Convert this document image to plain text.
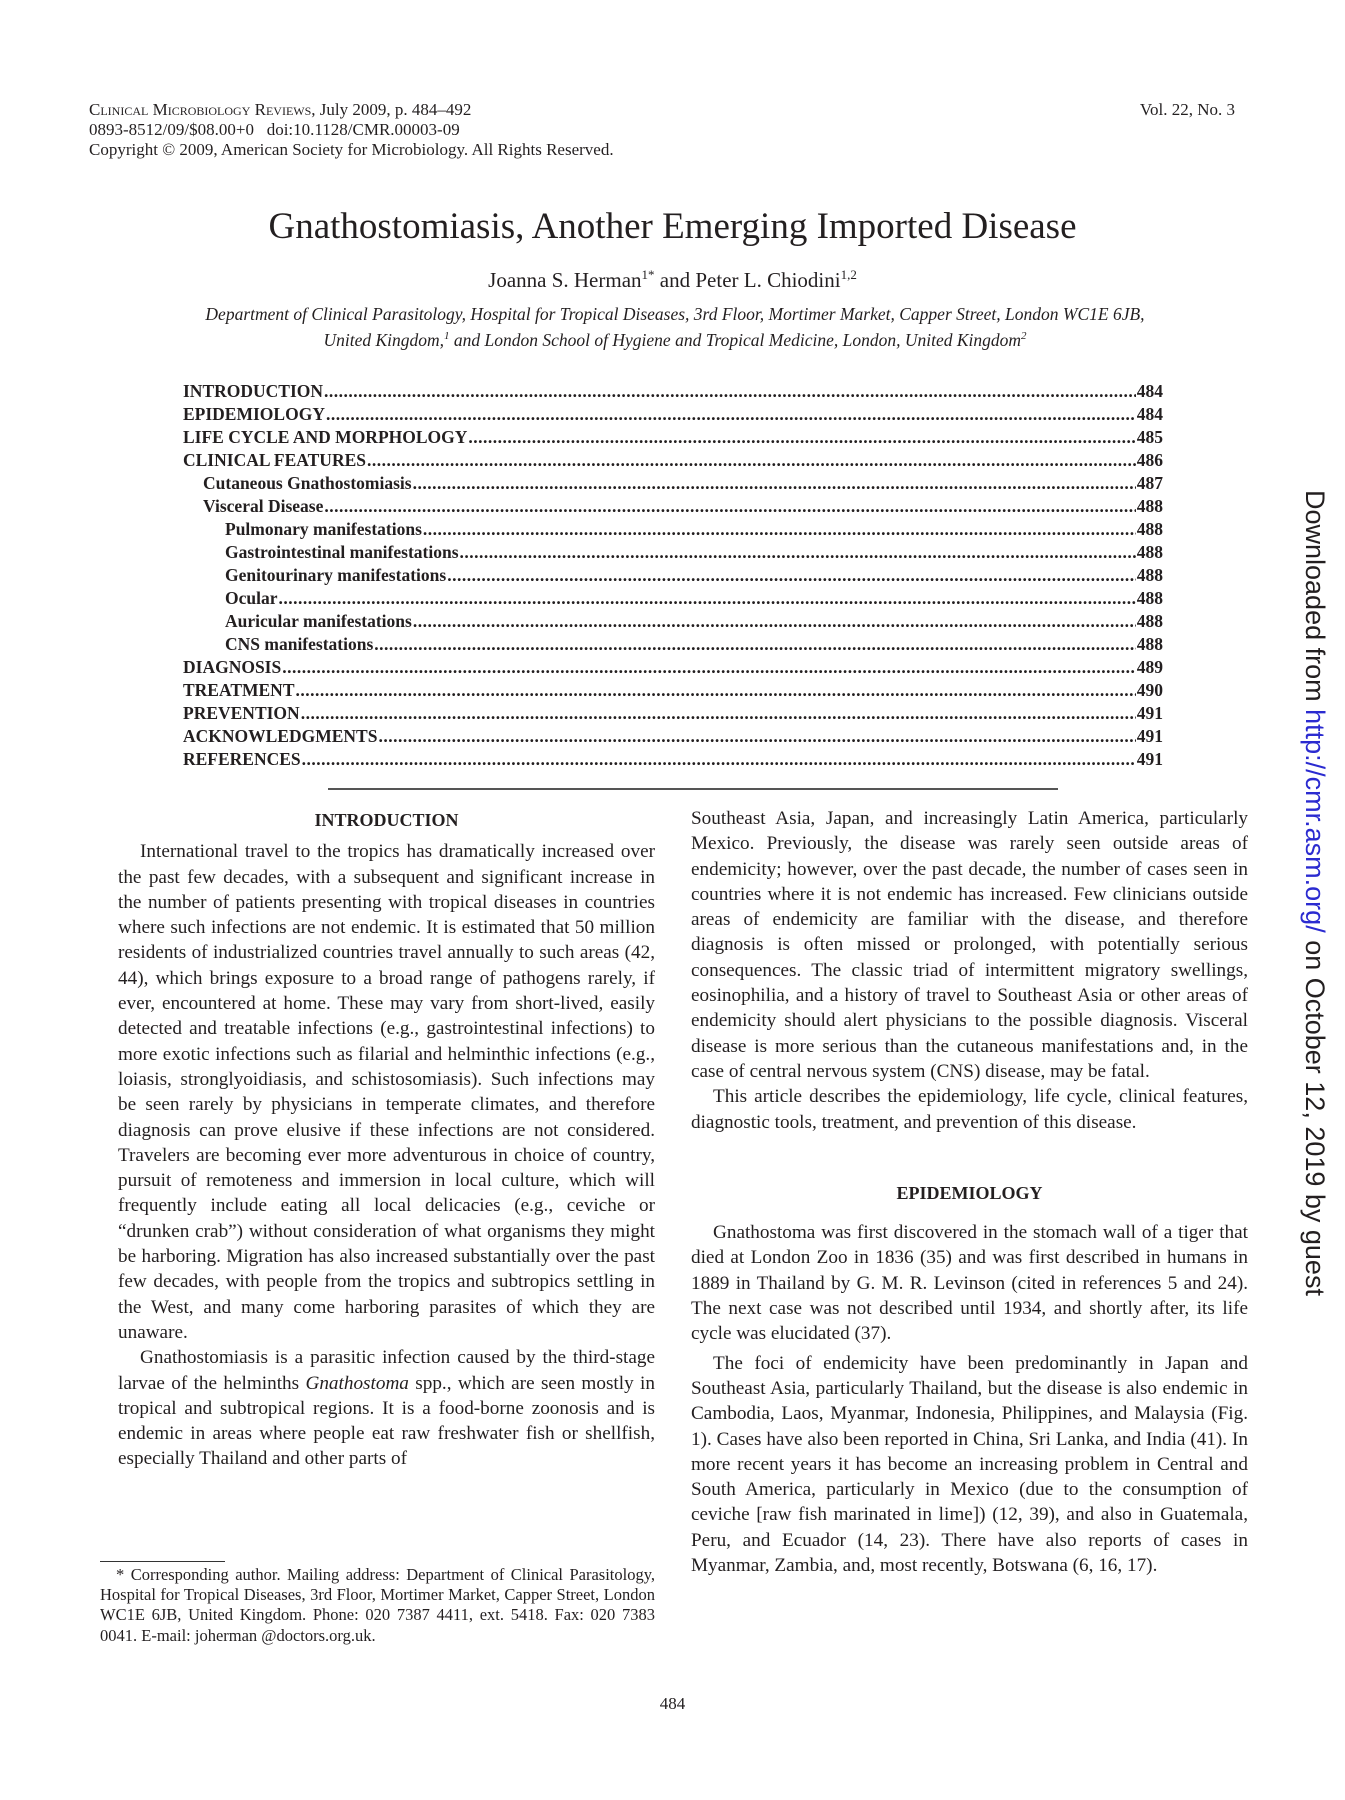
Clinical Microbiology Reviews, July 2009, p. 484–492
0893-8512/09/$08.00+0 doi:10.1128/CMR.00003-09
Copyright © 2009, American Society for Microbiology. All Rights Reserved.
Vol. 22, No. 3
Gnathostomiasis, Another Emerging Imported Disease
Joanna S. Herman$^{1*}$ and Peter L. Chiodini$^{1,2}$
Department of Clinical Parasitology, Hospital for Tropical Diseases, 3rd Floor, Mortimer Market, Capper Street, London WC1E 6JB,
United Kingdom,$^1$ and London School of Hygiene and Tropical Medicine, London, United Kingdom$^2$
INTRODUCTION .....	484
EPIDEMIOLOGY .....	484
LIFE CYCLE AND MORPHOLOGY .....	485
CLINICAL FEATURES .....	486
Cutaneous Gnathostomiasis .....	487
Visceral Disease .....	488
Pulmonary manifestations .....	488
Gastrointestinal manifestations .....	488
Genitourinary manifestations .....	488
Ocular .....	488
Auricular manifestations .....	488
CNS manifestations .....	488
DIAGNOSIS .....	489
TREATMENT .....	490
PREVENTION .....	491
ACKNOWLEDGMENTS .....	491
REFERENCES .....	491
INTRODUCTION

International travel to the tropics has dramatically increased over the past few decades, with a subsequent and significant increase in the number of patients presenting with tropical diseases in countries where such infections are not endemic. It is estimated that 50 million residents of industrialized countries travel annually to such areas (42, 44), which brings exposure to a broad range of pathogens rarely, if ever, encountered at home. These may vary from short-lived, easily detected and treatable infections (e.g., gastrointestinal infections) to more exotic infections such as filarial and helminthic infections (e.g., loiasis, stronglyoidiasis, and schistosomiasis). Such infections may be seen rarely by physicians in temperate climates, and therefore diagnosis can prove elusive if these infections are not considered. Travelers are becoming ever more adventurous in choice of country, pursuit of remoteness and immersion in local culture, which will frequently include eating all local delicacies (e.g., ceviche or “drunken crab”) without consideration of what organisms they might be harboring. Migration has also increased substantially over the past few decades, with people from the tropics and subtropics settling in the West, and many come harboring parasites of which they are unaware.

Gnathostomiasis is a parasitic infection caused by the third-stage larvae of the helminths Gnathostoma spp., which are seen mostly in tropical and subtropical regions. It is a food-borne zoonosis and is endemic in areas where people eat raw freshwater fish or shellfish, especially Thailand and other parts of

Southeast Asia, Japan, and increasingly Latin America, particularly Mexico. Previously, the disease was rarely seen outside areas of endemicity; however, over the past decade, the number of cases seen in countries where it is not endemic has increased. Few clinicians outside areas of endemicity are familiar with the disease, and therefore diagnosis is often missed or prolonged, with potentially serious consequences. The classic triad of intermittent migratory swellings, eosinophilia, and a history of travel to Southeast Asia or other areas of endemicity should alert physicians to the possible diagnosis. Visceral disease is more serious than the cutaneous manifestations and, in the case of central nervous system (CNS) disease, may be fatal.

This article describes the epidemiology, life cycle, clinical features, diagnostic tools, treatment, and prevention of this disease.

EPIDEMIOLOGY

Gnathostoma was first discovered in the stomach wall of a tiger that died at London Zoo in 1836 (35) and was first described in humans in 1889 in Thailand by G. M. R. Levinson (cited in references 5 and 24). The next case was not described until 1934, and shortly after, its life cycle was elucidated (37).

The foci of endemicity have been predominantly in Japan and Southeast Asia, particularly Thailand, but the disease is also endemic in Cambodia, Laos, Myanmar, Indonesia, Philippines, and Malaysia (Fig. 1). Cases have also been reported in China, Sri Lanka, and India (41). In more recent years it has become an increasing problem in Central and South America, particularly in Mexico (due to the consumption of ceviche [raw fish marinated in lime]) (12, 39), and also in Guatemala, Peru, and Ecuador (14, 23). There have also reports of cases in Myanmar, Zambia, and, most recently, Botswana (6, 16, 17).

* Corresponding author. Mailing address: Department of Clinical Parasitology, Hospital for Tropical Diseases, 3rd Floor, Mortimer Market, Capper Street, London WC1E 6JB, United Kingdom. Phone: 020 7387 4411, ext. 5418. Fax: 020 7383 0041. E-mail: joherman @doctors.org.uk.

484
Downloaded from http://cmr.asm.org/ on October 12, 2019 by guest
